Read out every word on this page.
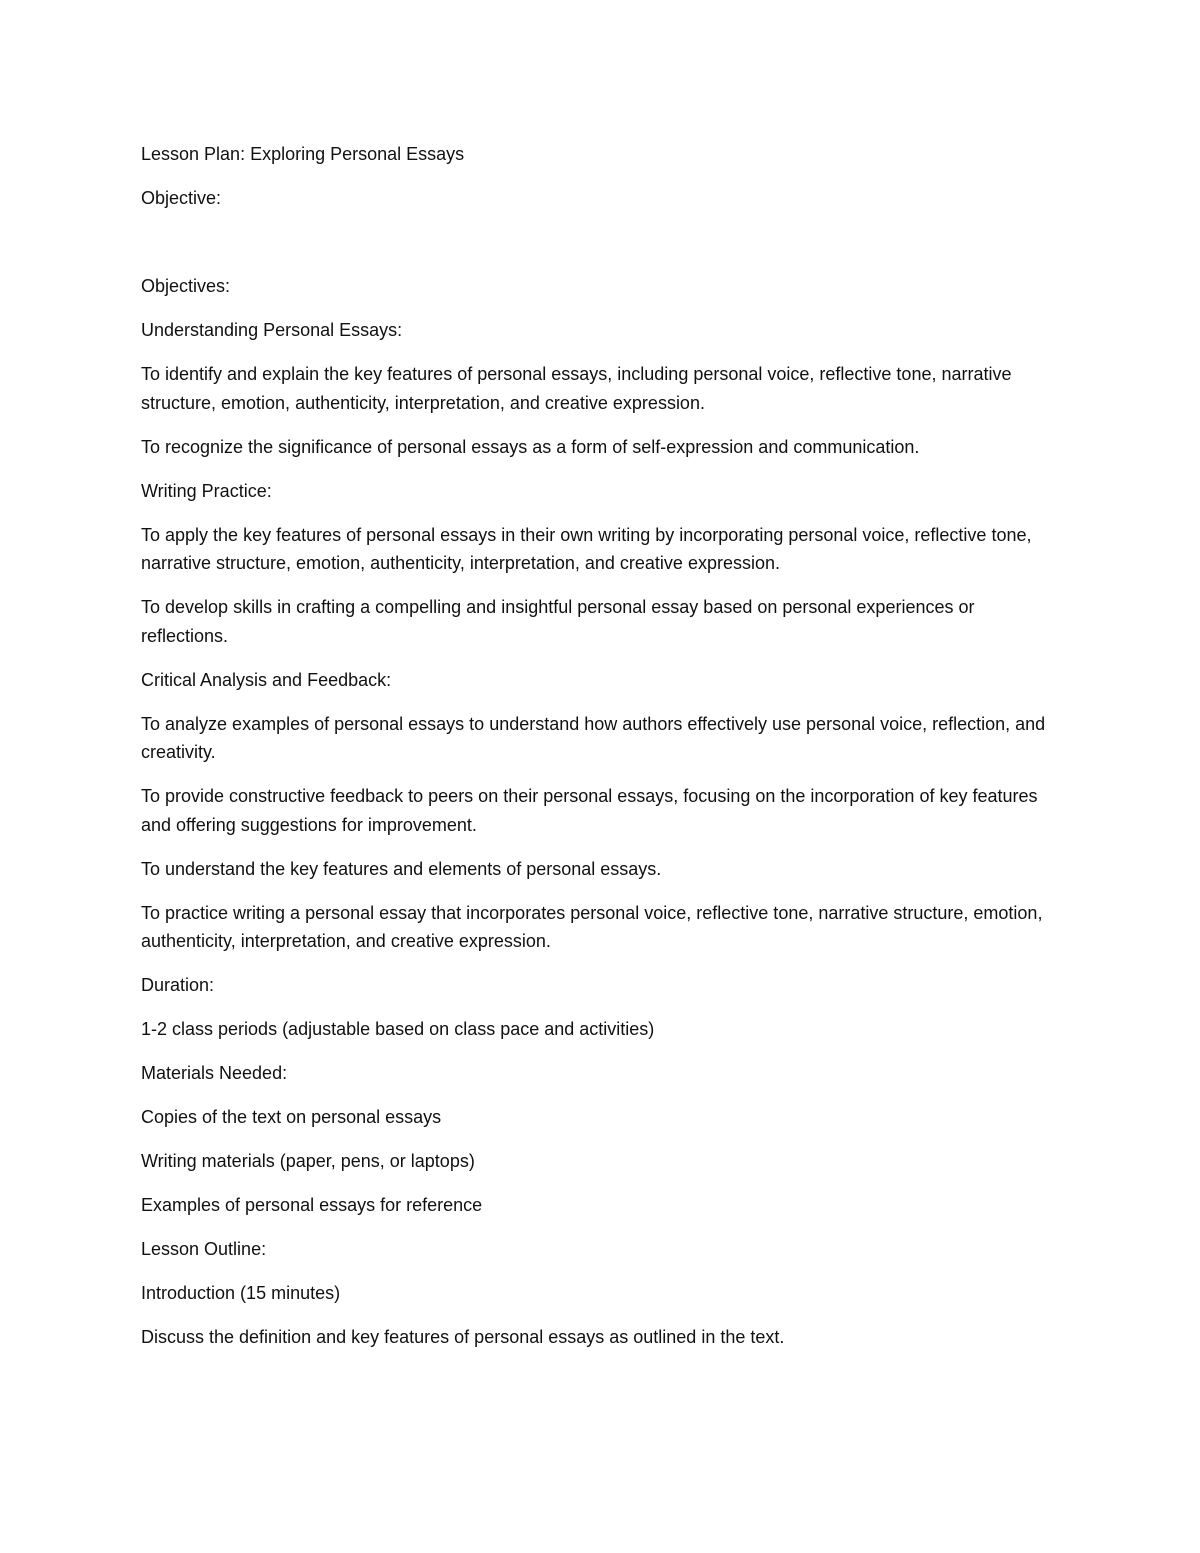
Lesson Plan: Exploring Personal Essays

Objective:

Objectives:

Understanding Personal Essays:

To identify and explain the key features of personal essays, including personal voice, reflective tone, narrative structure, emotion, authenticity, interpretation, and creative expression.

To recognize the significance of personal essays as a form of self-expression and communication.

Writing Practice:

To apply the key features of personal essays in their own writing by incorporating personal voice, reflective tone, narrative structure, emotion, authenticity, interpretation, and creative expression.

To develop skills in crafting a compelling and insightful personal essay based on personal experiences or reflections.

Critical Analysis and Feedback:

To analyze examples of personal essays to understand how authors effectively use personal voice, reflection, and creativity.

To provide constructive feedback to peers on their personal essays, focusing on the incorporation of key features and offering suggestions for improvement.

To understand the key features and elements of personal essays.

To practice writing a personal essay that incorporates personal voice, reflective tone, narrative structure, emotion, authenticity, interpretation, and creative expression.

Duration:

1-2 class periods (adjustable based on class pace and activities)

Materials Needed:

Copies of the text on personal essays

Writing materials (paper, pens, or laptops)

Examples of personal essays for reference

Lesson Outline:

Introduction (15 minutes)

Discuss the definition and key features of personal essays as outlined in the text.
